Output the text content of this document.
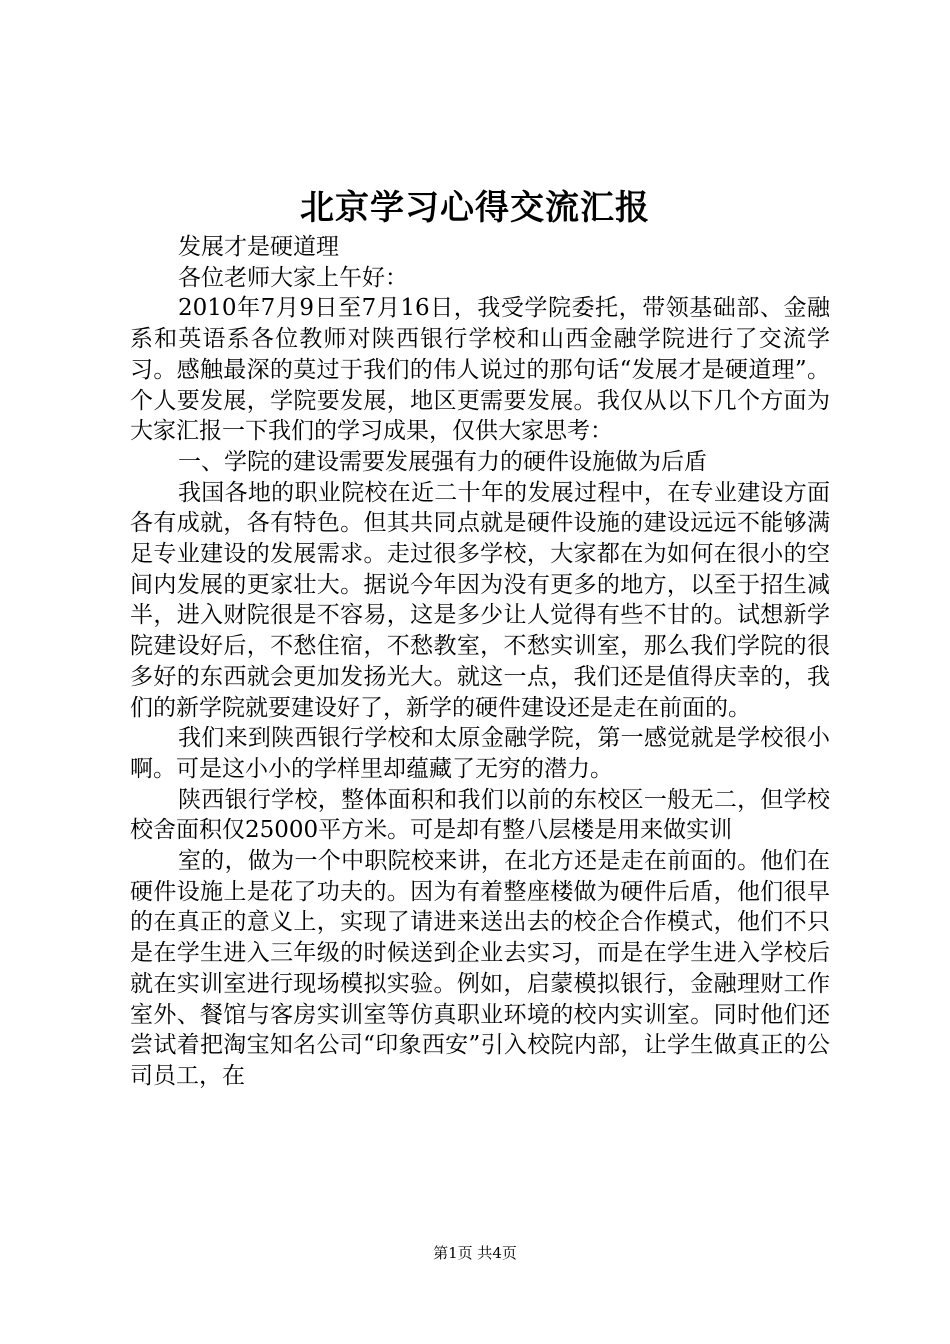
北京学习心得交流汇报

发展才是硬道理

各位老师大家上午好：

2010年7月9日至7月16日，我受学院委托，带领基础部、金融系和英语系各位教师对陕西银行学校和山西金融学院进行了交流学习。感触最深的莫过于我们的伟人说过的那句话“发展才是硬道理”。个人要发展，学院要发展，地区更需要发展。我仅从以下几个方面为大家汇报一下我们的学习成果，仅供大家思考：

一、学院的建设需要发展强有力的硬件设施做为后盾

我国各地的职业院校在近二十年的发展过程中，在专业建设方面各有成就，各有特色。但其共同点就是硬件设施的建设远远不能够满足专业建设的发展需求。走过很多学校，大家都在为如何在很小的空间内发展的更家壮大。据说今年因为没有更多的地方，以至于招生减半，进入财院很是不容易，这是多少让人觉得有些不甘的。试想新学院建设好后，不愁住宿，不愁教室，不愁实训室，那么我们学院的很多好的东西就会更加发扬光大。就这一点，我们还是值得庆幸的，我们的新学院就要建设好了，新学的硬件建设还是走在前面的。

我们来到陕西银行学校和太原金融学院，第一感觉就是学校很小啊。可是这小小的学样里却蕴藏了无穷的潜力。

陕西银行学校，整体面积和我们以前的东校区一般无二，但学校校舍面积仅25000平方米。可是却有整八层楼是用来做实训

室的，做为一个中职院校来讲，在北方还是走在前面的。他们在硬件设施上是花了功夫的。因为有着整座楼做为硬件后盾，他们很早的在真正的意义上，实现了请进来送出去的校企合作模式，他们不只是在学生进入三年级的时候送到企业去实习，而是在学生进入学校后就在实训室进行现场模拟实验。例如，启蒙模拟银行，金融理财工作室外、餐馆与客房实训室等仿真职业环境的校内实训室。同时他们还尝试着把淘宝知名公司“印象西安”引入校院内部，让学生做真正的公司员工，在

第1页 共4页
